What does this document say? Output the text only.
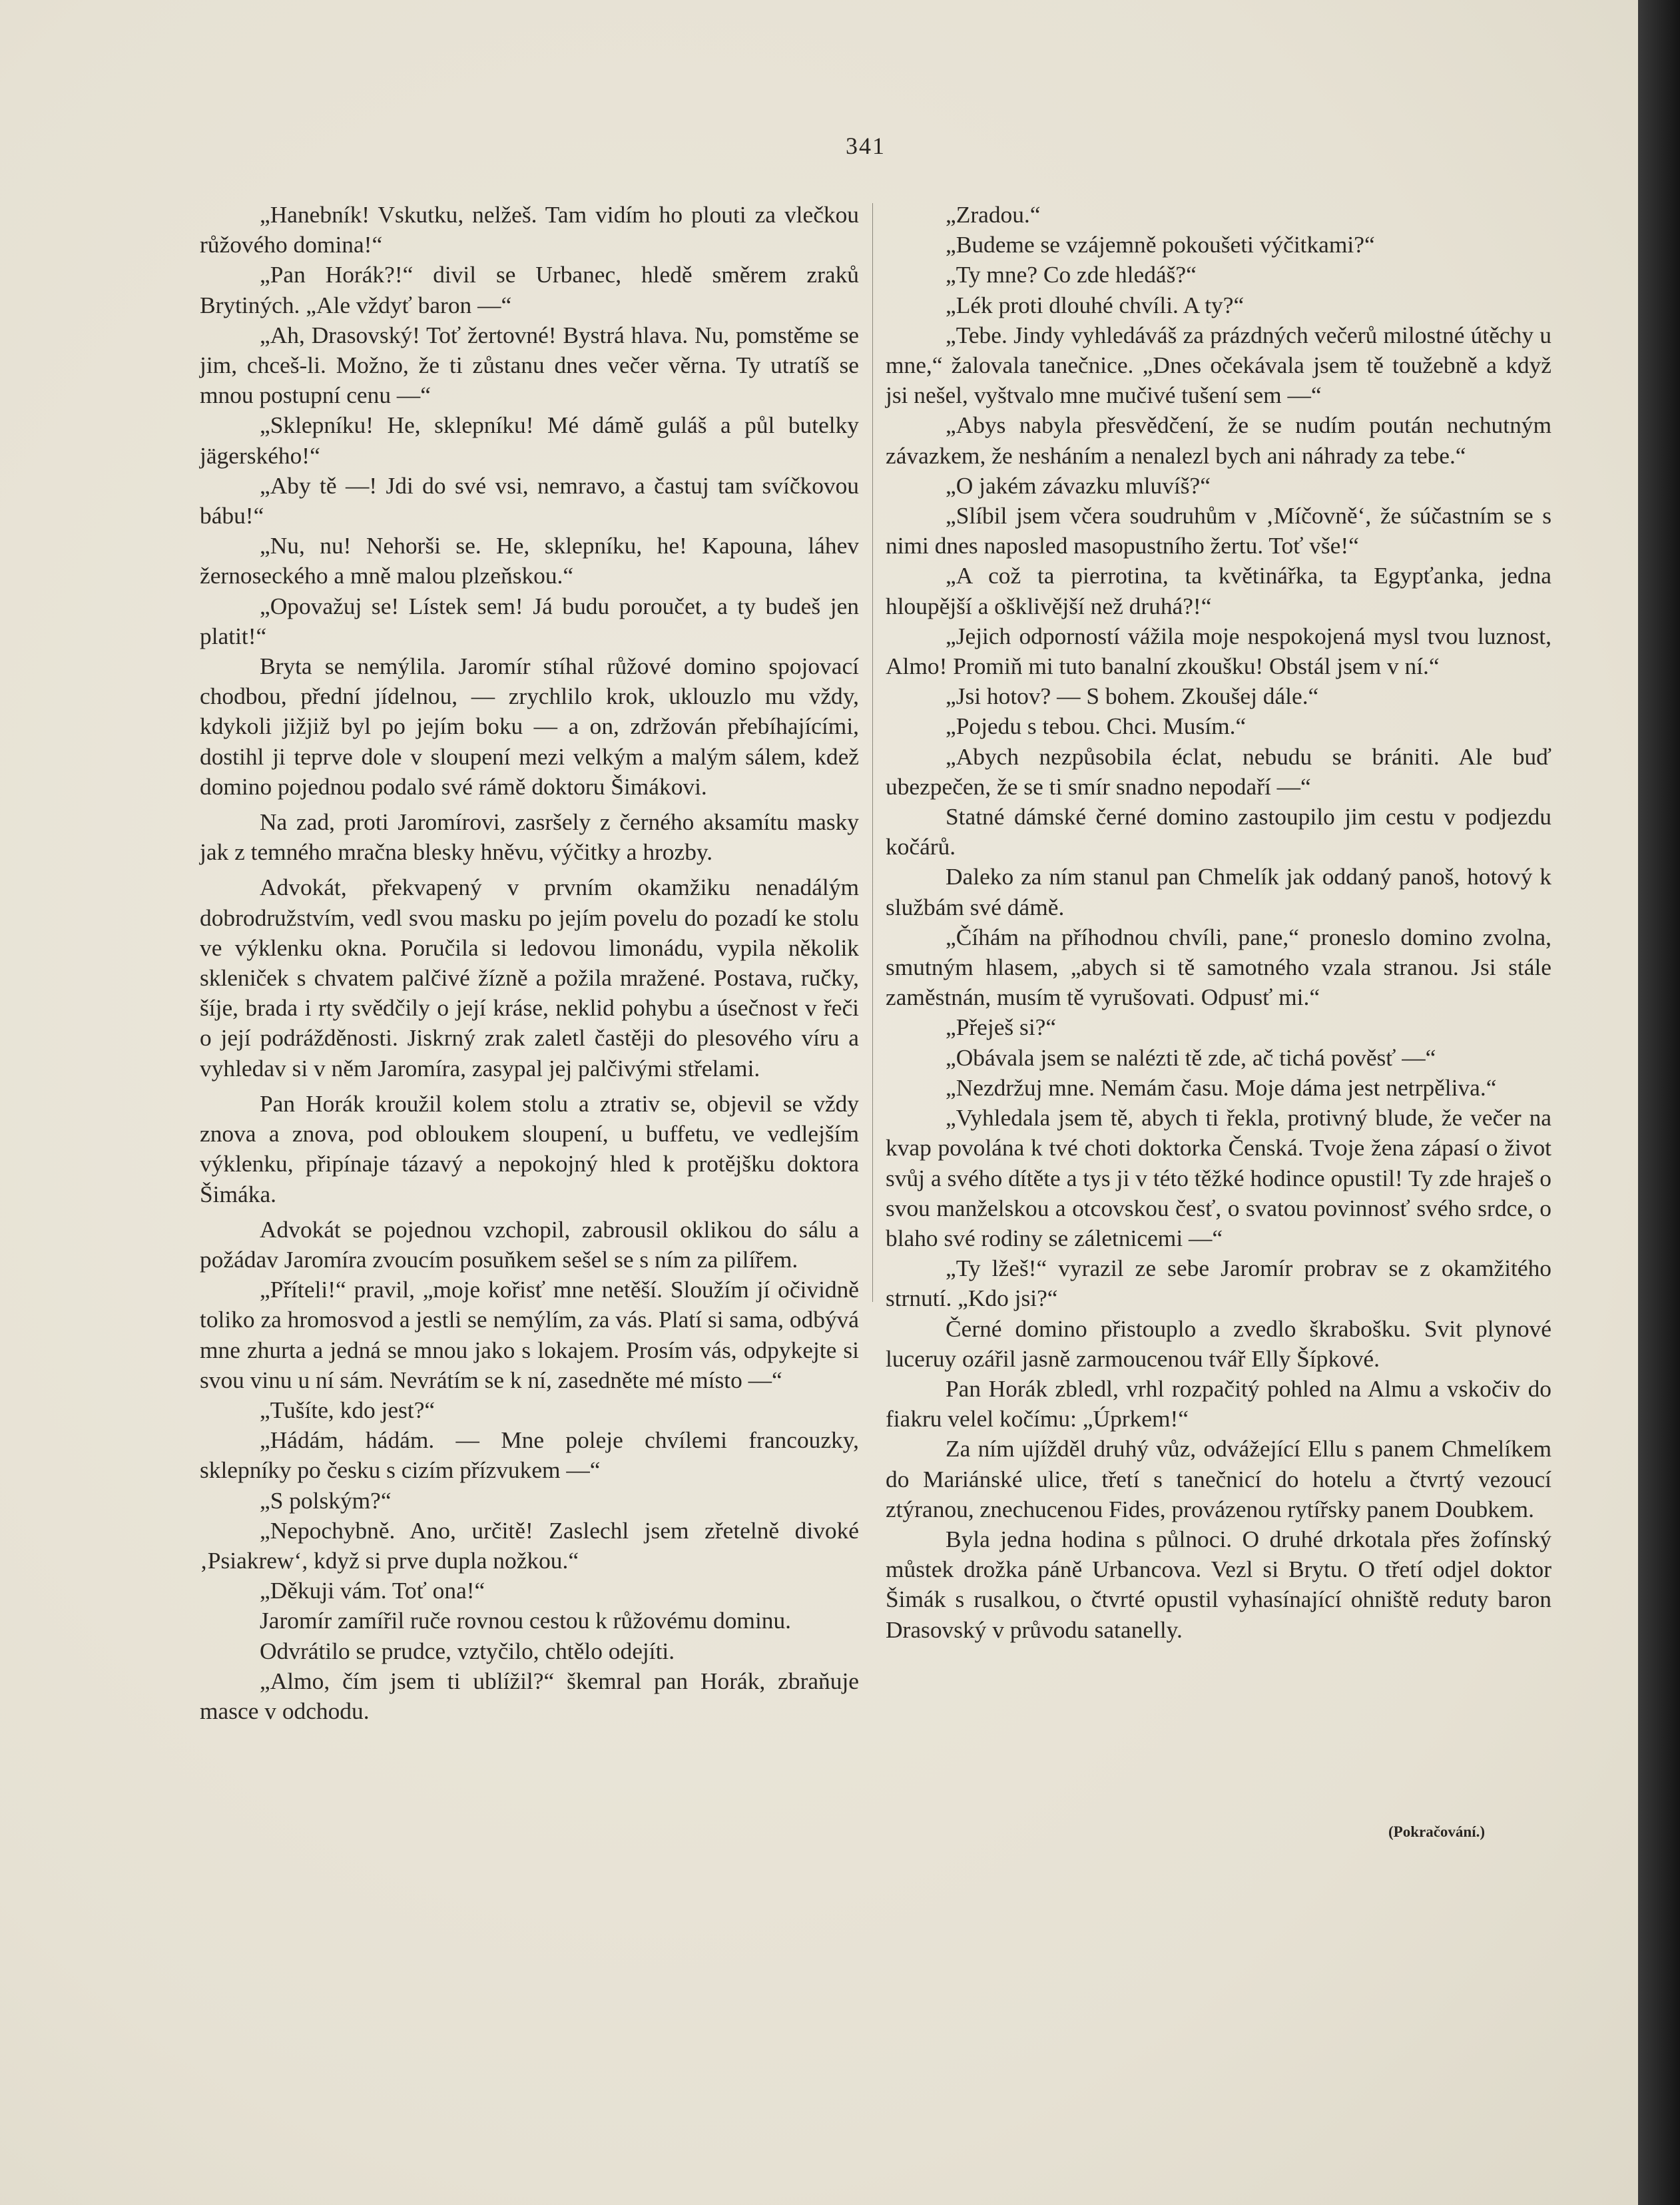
341

„Hanebník! Vskutku, nelžeš. Tam vidím ho plouti za vlečkou růžového domina!“

„Pan Horák?!“ divil se Urbanec, hledě směrem zraků Brytiných. „Ale vždyť baron —“

„Ah, Drasovský! Toť žertovné! Bystrá hlava. Nu, pomstěme se jim, chceš-li. Možno, že ti zůstanu dnes večer věrna. Ty utratíš se mnou postupní cenu —“

„Sklepníku! He, sklepníku! Mé dámě guláš a půl butelky jägerského!“

„Aby tě —! Jdi do své vsi, nemravo, a častuj tam svíčkovou bábu!“

„Nu, nu! Nehorši se. He, sklepníku, he! Kapouna, láhev žernoseckého a mně malou plzeňskou.“

„Opovažuj se! Lístek sem! Já budu poroučet, a ty budeš jen platit!“

Bryta se nemýlila. Jaromír stíhal růžové domino spojovací chodbou, přední jídelnou, — zrychlilo krok, uklouzlo mu vždy, kdykoli jižjiž byl po jejím boku — a on, zdržován přebíhajícími, dostihl ji teprve dole v sloupení mezi velkým a malým sálem, kdež domino pojednou podalo své rámě doktoru Šimákovi.

Na zad, proti Jaromírovi, zasršely z černého aksamítu masky jak z temného mračna blesky hněvu, výčitky a hrozby.

Advokát, překvapený v prvním okamžiku nenadálým dobrodružstvím, vedl svou masku po jejím povelu do pozadí ke stolu ve výklenku okna. Poručila si ledovou limonádu, vypila několik skleniček s chvatem palčivé žízně a požila mražené. Postava, ručky, šíje, brada i rty svědčily o její kráse, neklid pohybu a úsečnost v řeči o její podrážděnosti. Jiskrný zrak zaletl častěji do plesového víru a vyhledav si v něm Jaromíra, zasypal jej palčivými střelami.

Pan Horák kroužil kolem stolu a ztrativ se, objevil se vždy znova a znova, pod obloukem sloupení, u buffetu, ve vedlejším výklenku, připínaje tázavý a nepokojný hled k protějšku doktora Šimáka.

Advokát se pojednou vzchopil, zabrousil oklikou do sálu a požádav Jaromíra zvoucím posuňkem sešel se s ním za pilířem.

„Příteli!“ pravil, „moje kořisť mne netěší. Sloužím jí očividně toliko za hromosvod a jestli se nemýlím, za vás. Platí si sama, odbývá mne zhurta a jedná se mnou jako s lokajem. Prosím vás, odpykejte si svou vinu u ní sám. Nevrátím se k ní, zasedněte mé místo —“

„Tušíte, kdo jest?“

„Hádám, hádám. — Mne poleje chvílemi francouzky, sklepníky po česku s cizím přízvukem —“

„S polským?“

„Nepochybně. Ano, určitě! Zaslechl jsem zřetelně divoké ‚Psiakrew‘, když si prve dupla nožkou.“

„Děkuji vám. Toť ona!“

Jaromír zamířil ruče rovnou cestou k růžovému dominu.

Odvrátilo se prudce, vztyčilo, chtělo odejíti.

„Almo, čím jsem ti ublížil?“ škemral pan Horák, zbraňuje masce v odchodu.

„Zradou.“

„Budeme se vzájemně pokoušeti výčitkami?“

„Ty mne? Co zde hledáš?“

„Lék proti dlouhé chvíli. A ty?“

„Tebe. Jindy vyhledáváš za prázdných večerů milostné útěchy u mne,“ žalovala tanečnice. „Dnes očekávala jsem tě toužebně a když jsi nešel, vyštvalo mne mučivé tušení sem —“

„Abys nabyla přesvědčení, že se nudím poután nechutným závazkem, že nesháním a nenalezl bych ani náhrady za tebe.“

„O jakém závazku mluvíš?“

„Slíbil jsem včera soudruhům v ‚Míčovně‘, že súčastním se s nimi dnes naposled masopustního žertu. Toť vše!“

„A což ta pierrotina, ta květinářka, ta Egypťanka, jedna hloupější a ošklivější než druhá?!“

„Jejich odporností vážila moje nespokojená mysl tvou luznost, Almo! Promiň mi tuto banalní zkoušku! Obstál jsem v ní.“

„Jsi hotov? — S bohem. Zkoušej dále.“

„Pojedu s tebou. Chci. Musím.“

„Abych nezpůsobila éclat, nebudu se brániti. Ale buď ubezpečen, že se ti smír snadno nepodaří —“

Statné dámské černé domino zastoupilo jim cestu v podjezdu kočárů.

Daleko za ním stanul pan Chmelík jak oddaný panoš, hotový k službám své dámě.

„Číhám na příhodnou chvíli, pane,“ proneslo domino zvolna, smutným hlasem, „abych si tě samotného vzala stranou. Jsi stále zaměstnán, musím tě vyrušovati. Odpusť mi.“

„Přeješ si?“

„Obávala jsem se nalézti tě zde, ač tichá pověsť —“

„Nezdržuj mne. Nemám času. Moje dáma jest netrpěliva.“

„Vyhledala jsem tě, abych ti řekla, protivný blude, že večer na kvap povolána k tvé choti doktorka Čenská. Tvoje žena zápasí o život svůj a svého dítěte a tys ji v této těžké hodince opustil! Ty zde hraješ o svou manželskou a otcovskou česť, o svatou povinnosť svého srdce, o blaho své rodiny se záletnicemi —“

„Ty lžeš!“ vyrazil ze sebe Jaromír probrav se z okamžitého strnutí. „Kdo jsi?“

Černé domino přistouplo a zvedlo škrabošku. Svit plynové luceruy ozářil jasně zarmoucenou tvář Elly Šípkové.

Pan Horák zbledl, vrhl rozpačitý pohled na Almu a vskočiv do fiakru velel kočímu: „Úprkem!“

Za ním ujížděl druhý vůz, odvážející Ellu s panem Chmelíkem do Mariánské ulice, třetí s tanečnicí do hotelu a čtvrtý vezoucí ztýranou, znechucenou Fides, provázenou rytířsky panem Doubkem.

Byla jedna hodina s půlnoci. O druhé drkotala přes žofínský můstek drožka páně Urbancova. Vezl si Brytu. O třetí odjel doktor Šimák s rusalkou, o čtvrté opustil vyhasínající ohniště reduty baron Drasovský v průvodu satanelly.

(Pokračování.)
